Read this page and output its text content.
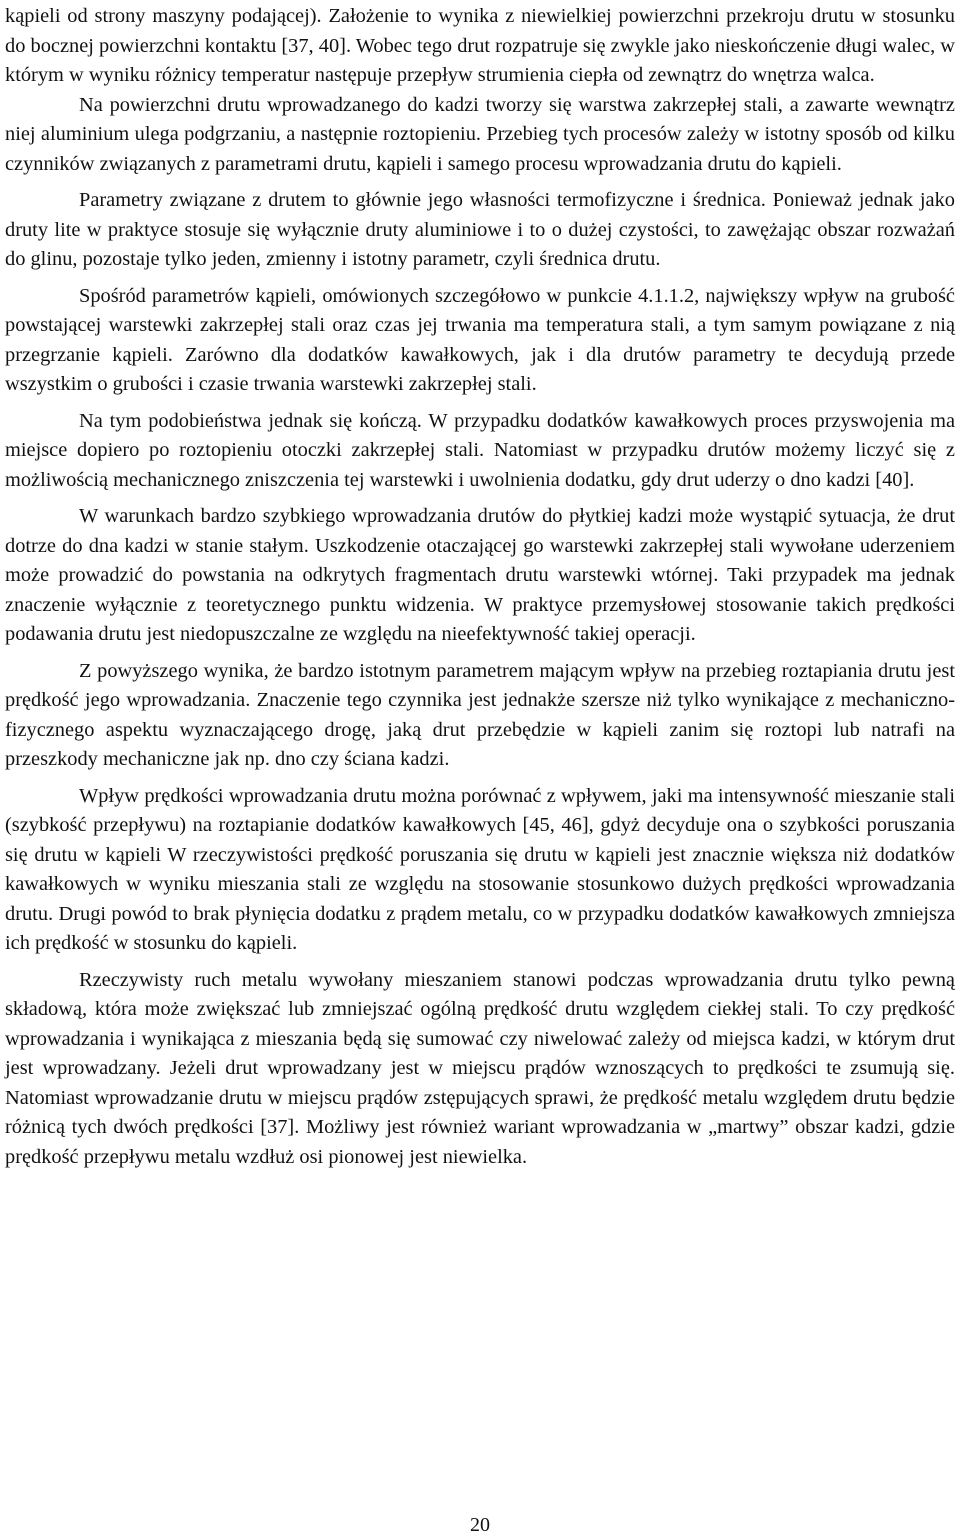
kąpieli od strony maszyny podającej). Założenie to wynika z niewielkiej powierzchni przekroju drutu w stosunku do bocznej powierzchni kontaktu [37, 40]. Wobec tego drut rozpatruje się zwykle jako nieskończenie długi walec, w którym w wyniku różnicy temperatur następuje przepływ strumienia ciepła od zewnątrz do wnętrza walca.

Na powierzchni drutu wprowadzanego do kadzi tworzy się warstwa zakrzepłej stali, a zawarte wewnątrz niej aluminium ulega podgrzaniu, a następnie roztopieniu. Przebieg tych procesów zależy w istotny sposób od kilku czynników związanych z parametrami drutu, kąpieli i samego procesu wprowadzania drutu do kąpieli.

Parametry związane z drutem to głównie jego własności termofizyczne i średnica. Ponieważ jednak jako druty lite w praktyce stosuje się wyłącznie druty aluminiowe i to o dużej czystości, to zawężając obszar rozważań do glinu, pozostaje tylko jeden, zmienny i istotny parametr, czyli średnica drutu.

Spośród parametrów kąpieli, omówionych szczegółowo w punkcie 4.1.1.2, największy wpływ na grubość powstającej warstewki zakrzepłej stali oraz czas jej trwania ma temperatura stali, a tym samym powiązane z nią przegrzanie kąpieli. Zarówno dla dodatków kawałkowych, jak i dla drutów parametry te decydują przede wszystkim o grubości i czasie trwania warstewki zakrzepłej stali.

Na tym podobieństwa jednak się kończą. W przypadku dodatków kawałkowych proces przyswojenia ma miejsce dopiero po roztopieniu otoczki zakrzepłej stali. Natomiast w przypadku drutów możemy liczyć się z możliwością mechanicznego zniszczenia tej warstewki i uwolnienia dodatku, gdy drut uderzy o dno kadzi [40].

W warunkach bardzo szybkiego wprowadzania drutów do płytkiej kadzi może wystąpić sytuacja, że drut dotrze do dna kadzi w stanie stałym. Uszkodzenie otaczającej go warstewki zakrzepłej stali wywołane uderzeniem może prowadzić do powstania na odkrytych fragmentach drutu warstewki wtórnej. Taki przypadek ma jednak znaczenie wyłącznie z teoretycznego punktu widzenia. W praktyce przemysłowej stosowanie takich prędkości podawania drutu jest niedopuszczalne ze względu na nieefektywność takiej operacji.

Z powyższego wynika, że bardzo istotnym parametrem mającym wpływ na przebieg roztapiania drutu jest prędkość jego wprowadzania. Znaczenie tego czynnika jest jednakże szersze niż tylko wynikające z mechaniczno-fizycznego aspektu wyznaczającego drogę, jaką drut przebędzie w kąpieli zanim się roztopi lub natrafi na przeszkody mechaniczne jak np. dno czy ściana kadzi.

Wpływ prędkości wprowadzania drutu można porównać z wpływem, jaki ma intensywność mieszanie stali (szybkość przepływu) na roztapianie dodatków kawałkowych [45, 46], gdyż decyduje ona o szybkości poruszania się drutu w kąpieli W rzeczywistości prędkość poruszania się drutu w kąpieli jest znacznie większa niż dodatków kawałkowych w wyniku mieszania stali ze względu na stosowanie stosunkowo dużych prędkości wprowadzania drutu. Drugi powód to brak płynięcia dodatku z prądem metalu, co w przypadku dodatków kawałkowych zmniejsza ich prędkość w stosunku do kąpieli.

Rzeczywisty ruch metalu wywołany mieszaniem stanowi podczas wprowadzania drutu tylko pewną składową, która może zwiększać lub zmniejszać ogólną prędkość drutu względem ciekłej stali. To czy prędkość wprowadzania i wynikająca z mieszania będą się sumować czy niwelować zależy od miejsca kadzi, w którym drut jest wprowadzany. Jeżeli drut wprowadzany jest w miejscu prądów wznoszących to prędkości te zsumują się. Natomiast wprowadzanie drutu w miejscu prądów zstępujących sprawi, że prędkość metalu względem drutu będzie różnicą tych dwóch prędkości [37]. Możliwy jest również wariant wprowadzania w „martwy” obszar kadzi, gdzie prędkość przepływu metalu wzdłuż osi pionowej jest niewielka.

20
